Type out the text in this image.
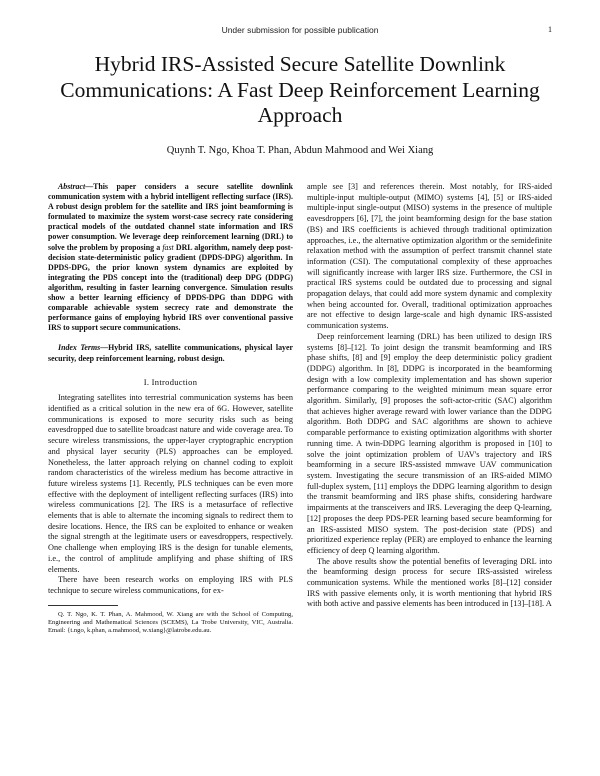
Under submission for possible publication	1
Hybrid IRS-Assisted Secure Satellite Downlink Communications: A Fast Deep Reinforcement Learning Approach
Quynh T. Ngo, Khoa T. Phan, Abdun Mahmood and Wei Xiang

Abstract—This paper considers a secure satellite downlink communication system with a hybrid intelligent reflecting surface (IRS). A robust design problem for the satellite and IRS joint beamforming is formulated to maximize the system worst-case secrecy rate considering practical models of the outdated channel state information and IRS power consumption. We leverage deep reinforcement learning (DRL) to solve the problem by proposing a fast DRL algorithm, namely deep post-decision state-deterministic policy gradient (DPDS-DPG) algorithm. In DPDS-DPG, the prior known system dynamics are exploited by integrating the PDS concept into the (traditional) deep DPG (DDPG) algorithm, resulting in faster learning convergence. Simulation results show a better learning efficiency of DPDS-DPG than DDPG with comparable achievable system secrecy rate and demonstrate the performance gains of employing hybrid IRS over conventional passive IRS to support secure communications.

Index Terms—Hybrid IRS, satellite communications, physical layer security, deep reinforcement learning, robust design.

I. Introduction

Integrating satellites into terrestrial communication systems has been identified as a critical solution in the new era of 6G. However, satellite communications is exposed to more security risks such as being eavesdropped due to satellite broadcast nature and wide coverage area. To secure wireless transmissions, the upper-layer cryptographic encryption and physical layer security (PLS) approaches can be employed. Nonetheless, the latter approach relying on channel coding to exploit random characteristics of the wireless medium has become attractive in future wireless systems [1]. Recently, PLS techniques can be even more effective with the deployment of intelligent reflecting surfaces (IRS) into wireless communications [2]. The IRS is a metasurface of reflective elements that is able to alternate the incoming signals to redirect them to desire locations. Hence, the IRS can be exploited to enhance or weaken the signal strength at the legitimate users or eavesdroppers, respectively. One challenge when employing IRS is the design for tunable elements, i.e., the control of amplitude amplifying and phase shifting of IRS elements.

There have been research works on employing IRS with PLS technique to secure wireless communications, for ex-

Q. T. Ngo, K. T. Phan, A. Mahmood, W. Xiang are with the School of Computing, Engineering and Mathematical Sciences (SCEMS), La Trobe University, VIC, Australia. Email: {t.ngo, k.phan, a.mahmood, w.xiang}@latrobe.edu.au.

ample see [3] and references therein. Most notably, for IRS-aided multiple-input multiple-output (MIMO) systems [4], [5] or IRS-aided multiple-input single-output (MISO) systems in the presence of multiple eavesdroppers [6], [7], the joint beamforming design for the base station (BS) and IRS coefficients is achieved through traditional optimization approaches, i.e., the alternative optimization algorithm or the semidefinite relaxation method with the assumption of perfect transmit channel state information (CSI). The computational complexity of these approaches will significantly increase with larger IRS size. Furthermore, the CSI in practical IRS systems could be outdated due to processing and signal propagation delays, that could add more system dynamic and complexity when being accounted for. Overall, traditional optimization approaches are not effective to design large-scale and high dynamic IRS-assisted communication systems.

Deep reinforcement learning (DRL) has been utilized to design IRS systems [8]–[12]. To joint design the transmit beamforming and IRS phase shifts, [8] and [9] employ the deep deterministic policy gradient (DDPG) algorithm. In [8], DDPG is incorporated in the beamforming design with a low complexity implementation and has shown superior performance comparing to the weighted minimum mean square error algorithm. Similarly, [9] proposes the soft-actor-critic (SAC) algorithm that achieves higher average reward with lower variance than the DDPG algorithm. Both DDPG and SAC algorithms are shown to achieve comparable performance to existing optimization algorithms with shorter running time. A twin-DDPG learning algorithm is proposed in [10] to solve the joint optimization problem of UAV's trajectory and IRS beamforming in a secure IRS-assisted mmwave UAV communication system. Investigating the secure transmission of an IRS-aided MIMO full-duplex system, [11] employs the DDPG learning algorithm to design the transmit beamforming and IRS phase shifts, considering hardware impairments at the transceivers and IRS. Leveraging the deep Q-learning, [12] proposes the deep PDS-PER learning based secure beamforming for an IRS-assisted MISO system. The post-decision state (PDS) and prioritized experience replay (PER) are employed to enhance the learning efficiency of deep Q learning algorithm.

The above results show the potential benefits of leveraging DRL into the beamforming design process for secure IRS-assisted wireless communication systems. While the mentioned works [8]–[12] consider IRS with passive elements only, it is worth mentioning that hybrid IRS with both active and passive elements has been introduced in [13]–[18]. A
